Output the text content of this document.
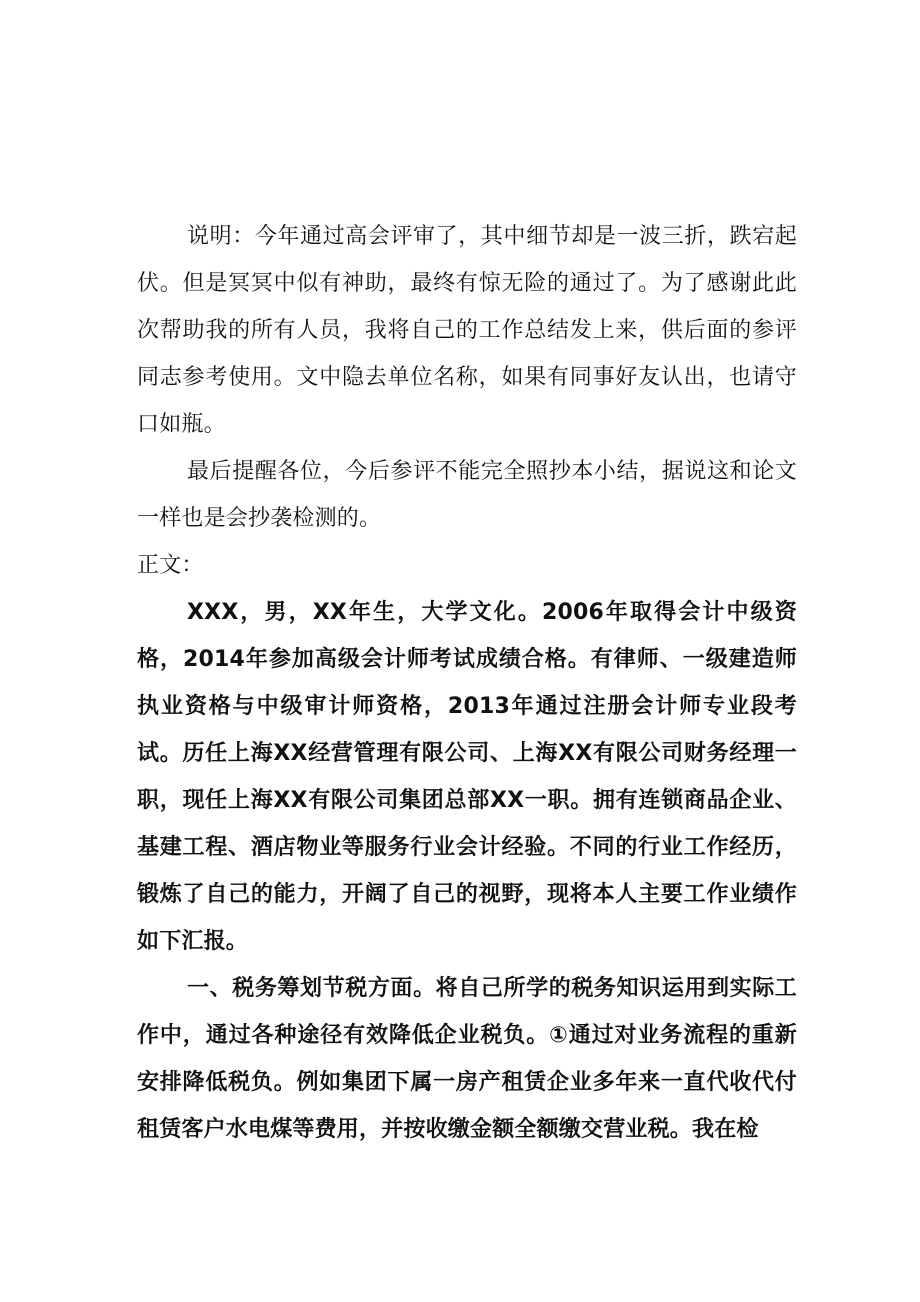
说明：今年通过高会评审了，其中细节却是一波三折，跌宕起伏。但是冥冥中似有神助，最终有惊无险的通过了。为了感谢此此次帮助我的所有人员，我将自己的工作总结发上来，供后面的参评同志参考使用。文中隐去单位名称，如果有同事好友认出，也请守口如瓶。

最后提醒各位，今后参评不能完全照抄本小结，据说这和论文一样也是会抄袭检测的。

正文：

XXX，男，XX年生，大学文化。2006年取得会计中级资格，2014年参加高级会计师考试成绩合格。有律师、一级建造师执业资格与中级审计师资格，2013年通过注册会计师专业段考试。历任上海XX经营管理有限公司、上海XX有限公司财务经理一职，现任上海XX有限公司集团总部XX一职。拥有连锁商品企业、基建工程、酒店物业等服务行业会计经验。不同的行业工作经历，锻炼了自己的能力，开阔了自己的视野，现将本人主要工作业绩作如下汇报。

一、税务筹划节税方面。将自己所学的税务知识运用到实际工作中，通过各种途径有效降低企业税负。①通过对业务流程的重新安排降低税负。例如集团下属一房产租赁企业多年来一直代收代付租赁客户水电煤等费用，并按收缴金额全额缴交营业税。我在检
